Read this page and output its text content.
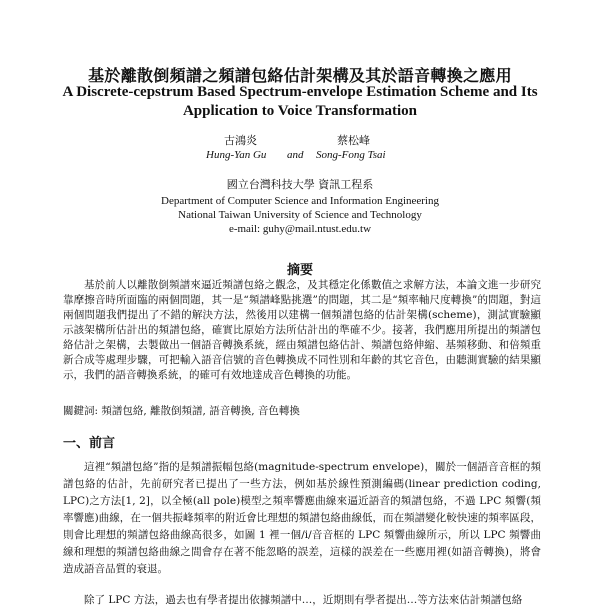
基於離散倒頻譜之頻譜包絡估計架構及其於語音轉換之應用
A Discrete-cepstrum Based Spectrum-envelope Estimation Scheme and Its Application to Voice Transformation
古鴻炎	蔡松峰
Hung-Yan Gu and Song-Fong Tsai
國立台灣科技大學 資訊工程系
Department of Computer Science and Information Engineering
National Taiwan University of Science and Technology
e-mail: guhy@mail.ntust.edu.tw
摘要

基於前人以離散倒頻譜來逼近頻譜包絡之觀念，及其穩定化係數值之求解方法，本論文進一步研究靠摩擦音時所面臨的兩個問題，其一是“頻譜峰點挑選”的問題，其二是“頻率軸尺度轉換”的問題，對這兩個問題我們提出了不錯的解決方法，然後用以建構一個頻譜包絡的估計架構(scheme)，測試實驗顯示該架構所估計出的頻譜包絡，確實比原始方法所估計出的準確不少。接著，我們應用所提出的頻譜包絡估計之架構，去製做出一個語音轉換系統，經由頻譜包絡估計、頻譜包絡伸縮、基頻移動、和倍頻重新合成等處理步驟，可把輸入語音信號的音色轉換成不同性別和年齡的其它音色，由聽測實驗的結果顯示，我們的語音轉換系統，的確可有效地達成音色轉換的功能。

關鍵詞: 頻譜包絡, 離散倒頻譜, 語音轉換, 音色轉換
一、前言

這裡“頻譜包絡”指的是頻譜振幅包絡(magnitude-spectrum envelope)，關於一個語音音框的頻譜包絡的估計，先前研究者已提出了一些方法，例如基於線性預測編碼(linear prediction coding, LPC)之方法[1, 2]，以全極(all pole)模型之頻率響應曲線來逼近語音的頻譜包絡，不過 LPC 頻響(頻率響應)曲線，在一個共振峰頻率的附近會比理想的頻譜包絡曲線低，而在頻譜變化較快速的頻率區段，則會比理想的頻譜包絡曲線高很多，如圖 1 裡一個/i/音音框的 LPC 頻響曲線所示，所以 LPC 頻響曲線和理想的頻譜包絡曲線之間會存在著不能忽略的誤差，這樣的誤差在一些應用裡(如語音轉換)，將會造成語音品質的衰退。

除了 LPC 方法，過去也有學者提出依據頻譜中…，近期則有學者提出…等方法來估計頻譜包絡
